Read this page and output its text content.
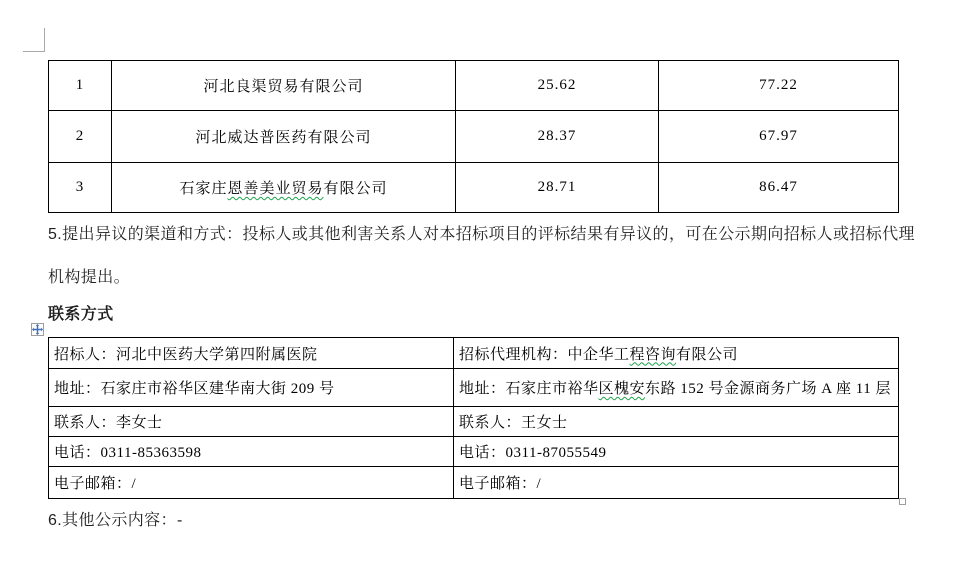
1	河北良渠贸易有限公司	25.62	77.22
2	河北威达普医药有限公司	28.37	67.97
3	石家庄恩善美业贸易有限公司	28.71	86.47
5.提出异议的渠道和方式：投标人或其他利害关系人对本招标项目的评标结果有异议的，可在公示期向招标人或招标代理
机构提出。
联系方式
招标人：河北中医药大学第四附属医院	招标代理机构：中企华工程咨询有限公司
地址：石家庄市裕华区建华南大街 209 号	地址：石家庄市裕华区槐安东路 152 号金源商务广场 A 座 11 层
联系人：李女士	联系人：王女士
电话：0311-85363598	电话：0311-87055549
电子邮箱：/	电子邮箱：/
6.其他公示内容：-
